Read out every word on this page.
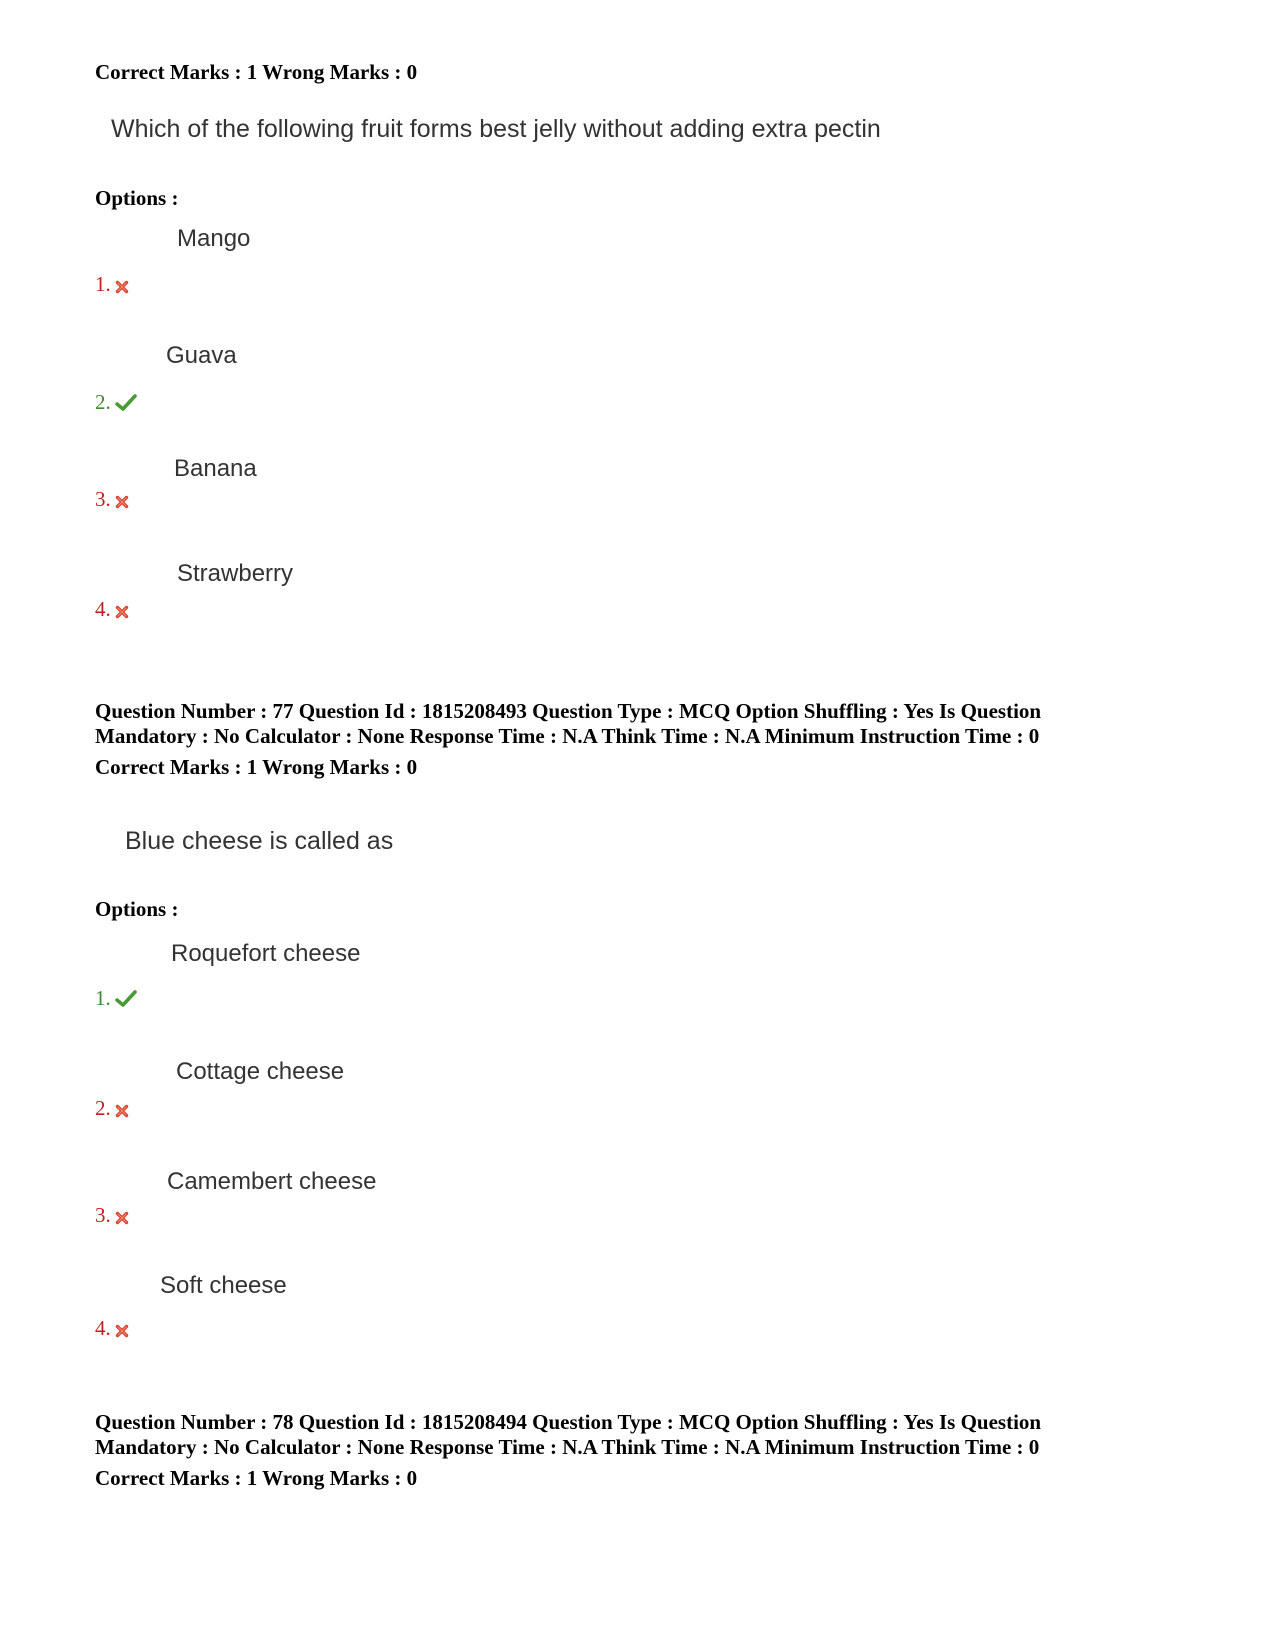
Correct Marks : 1 Wrong Marks : 0
Which of the following fruit forms best jelly without adding extra pectin
Options :
Mango
1.
Guava
2.
Banana
3.
Strawberry
4.
Question Number : 77 Question Id : 1815208493 Question Type : MCQ Option Shuffling : Yes Is Question
Mandatory : No Calculator : None Response Time : N.A Think Time : N.A Minimum Instruction Time : 0
Correct Marks : 1 Wrong Marks : 0
Blue cheese is called as
Options :
Roquefort cheese
1.
Cottage cheese
2.
Camembert cheese
3.
Soft cheese
4.
Question Number : 78 Question Id : 1815208494 Question Type : MCQ Option Shuffling : Yes Is Question
Mandatory : No Calculator : None Response Time : N.A Think Time : N.A Minimum Instruction Time : 0
Correct Marks : 1 Wrong Marks : 0
